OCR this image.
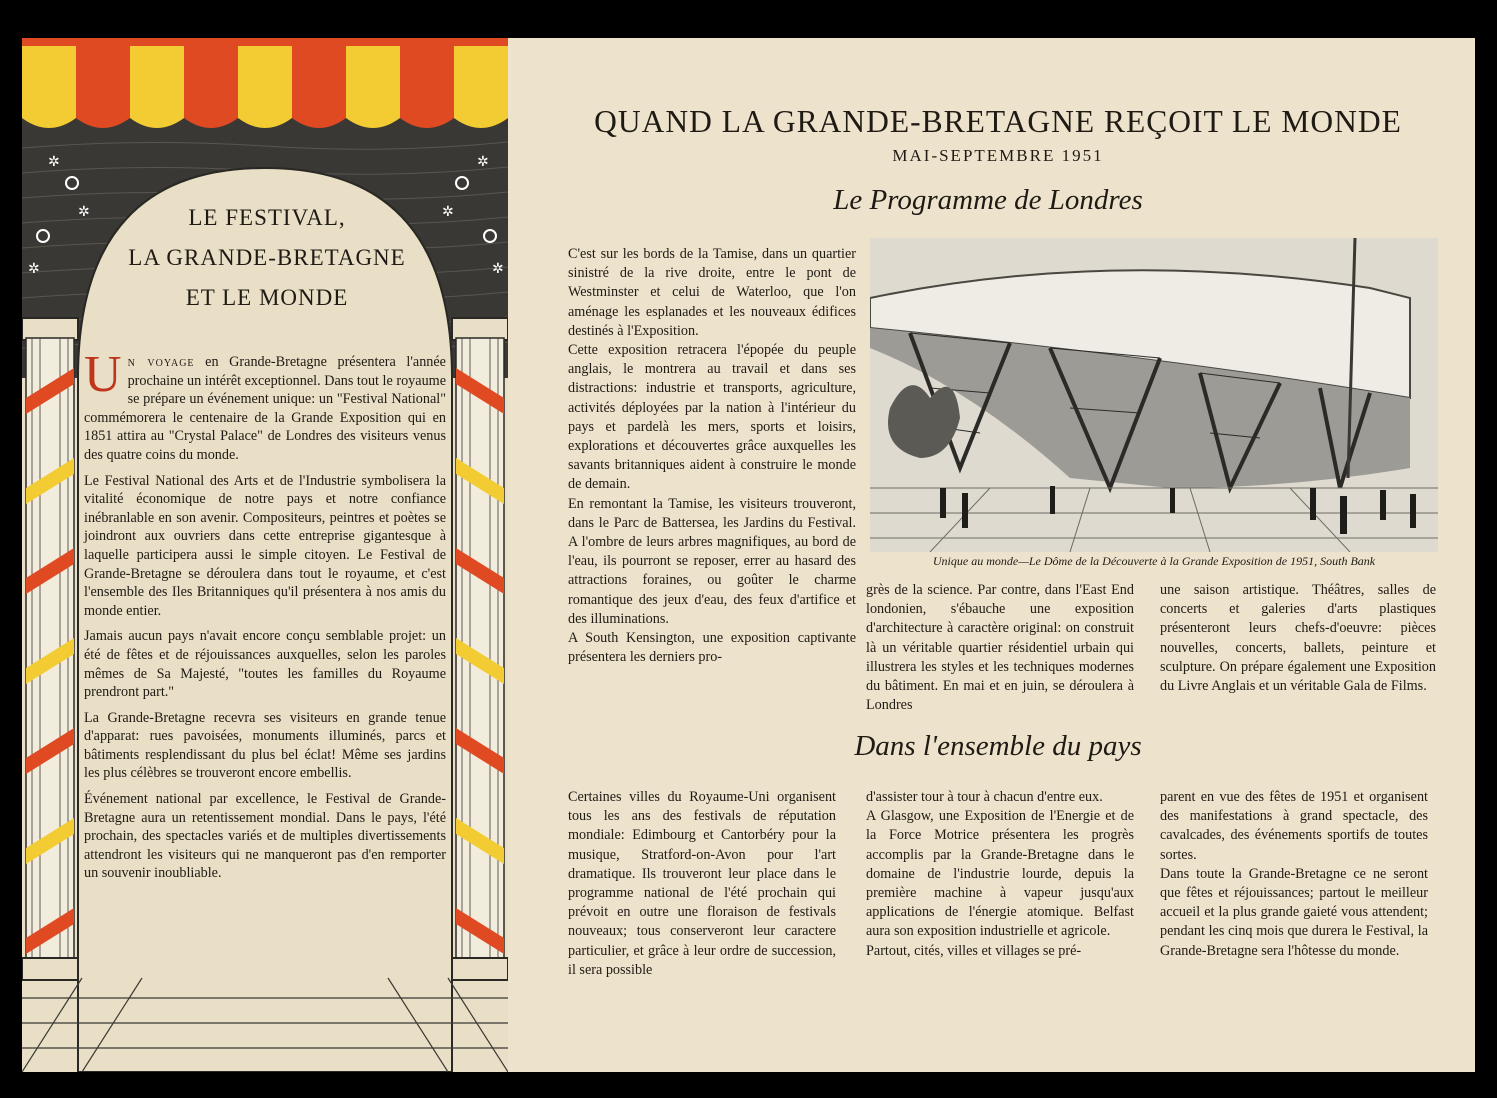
✲
✲
✲
✲
✲
✲
LE FESTIVAL,
LA GRANDE-BRETAGNE
ET LE MONDE

Un voyage en Grande-Bretagne présentera l'année prochaine un intérêt exceptionnel. Dans tout le royaume se prépare un événement unique: un "Festival National" commémorera le centenaire de la Grande Exposition qui en 1851 attira au "Crystal Palace" de Londres des visiteurs venus des quatre coins du monde.

Le Festival National des Arts et de l'Industrie symbolisera la vitalité économique de notre pays et notre confiance inébranlable en son avenir. Compositeurs, peintres et poètes se joindront aux ouvriers dans cette entreprise gigantesque à laquelle participera aussi le simple citoyen. Le Festival de Grande-Bretagne se déroulera dans tout le royaume, et c'est l'ensemble des Iles Britanniques qu'il présentera à nos amis du monde entier.

Jamais aucun pays n'avait encore conçu semblable projet: un été de fêtes et de réjouissances auxquelles, selon les paroles mêmes de Sa Majesté, "toutes les familles du Royaume prendront part."

La Grande-Bretagne recevra ses visiteurs en grande tenue d'apparat: rues pavoisées, monuments illuminés, parcs et bâtiments resplendissant du plus bel éclat! Même ses jardins les plus célèbres se trouveront encore embellis.

Événement national par excellence, le Festival de Grande-Bretagne aura un retentissement mondial. Dans le pays, l'été prochain, des spectacles variés et de multiples divertissements attendront les visiteurs qui ne manqueront pas d'en remporter un souvenir inoubliable.

QUAND LA GRANDE-BRETAGNE REÇOIT LE MONDE
MAI-SEPTEMBRE 1951
Le Programme de Londres

C'est sur les bords de la Tamise, dans un quartier sinistré de la rive droite, entre le pont de Westminster et celui de Waterloo, que l'on aménage les esplanades et les nouveaux édifices destinés à l'Exposition.

Cette exposition retracera l'épopée du peuple anglais, le montrera au travail et dans ses distractions: industrie et transports, agriculture, activités déployées par la nation à l'intérieur du pays et pardelà les mers, sports et loisirs, explorations et découvertes grâce auxquelles les savants britanniques aident à construire le monde de demain.

En remontant la Tamise, les visiteurs trouveront, dans le Parc de Battersea, les Jardins du Festival. A l'ombre de leurs arbres magnifiques, au bord de l'eau, ils pourront se reposer, errer au hasard des attractions foraines, ou goûter le charme romantique des jeux d'eau, des feux d'artifice et des illuminations.

A South Kensington, une exposition captivante présentera les derniers pro-

Unique au monde—Le Dôme de la Découverte à la Grande Exposition de 1951, South Bank
grès de la science. Par contre, dans l'East End londonien, s'ébauche une exposition d'architecture à caractère original: on construit là un véritable quartier résidentiel urbain qui illustrera les styles et les techniques modernes du bâtiment. En mai et en juin, se déroulera à Londres
une saison artistique. Théâtres, salles de concerts et galeries d'arts plastiques présenteront leurs chefs-d'oeuvre: pièces nouvelles, concerts, ballets, peinture et sculpture. On prépare également une Exposition du Livre Anglais et un véritable Gala de Films.
Dans l'ensemble du pays
Certaines villes du Royaume-Uni organisent tous les ans des festivals de réputation mondiale: Edimbourg et Cantorbéry pour la musique, Stratford-on-Avon pour l'art dramatique. Ils trouveront leur place dans le programme national de l'été prochain qui prévoit en outre une floraison de festivals nouveaux; tous conserveront leur caractere particulier, et grâce à leur ordre de succession, il sera possible

d'assister tour à tour à chacun d'entre eux.

A Glasgow, une Exposition de l'Energie et de la Force Motrice présentera les progrès accomplis par la Grande-Bretagne dans le domaine de l'industrie lourde, depuis la première machine à vapeur jusqu'aux applications de l'énergie atomique. Belfast aura son exposition industrielle et agricole.

Partout, cités, villes et villages se pré-

parent en vue des fêtes de 1951 et organisent des manifestations à grand spectacle, des cavalcades, des événements sportifs de toutes sortes.

Dans toute la Grande-Bretagne ce ne seront que fêtes et réjouissances; partout le meilleur accueil et la plus grande gaieté vous attendent; pendant les cinq mois que durera le Festival, la Grande-Bretagne sera l'hôtesse du monde.
